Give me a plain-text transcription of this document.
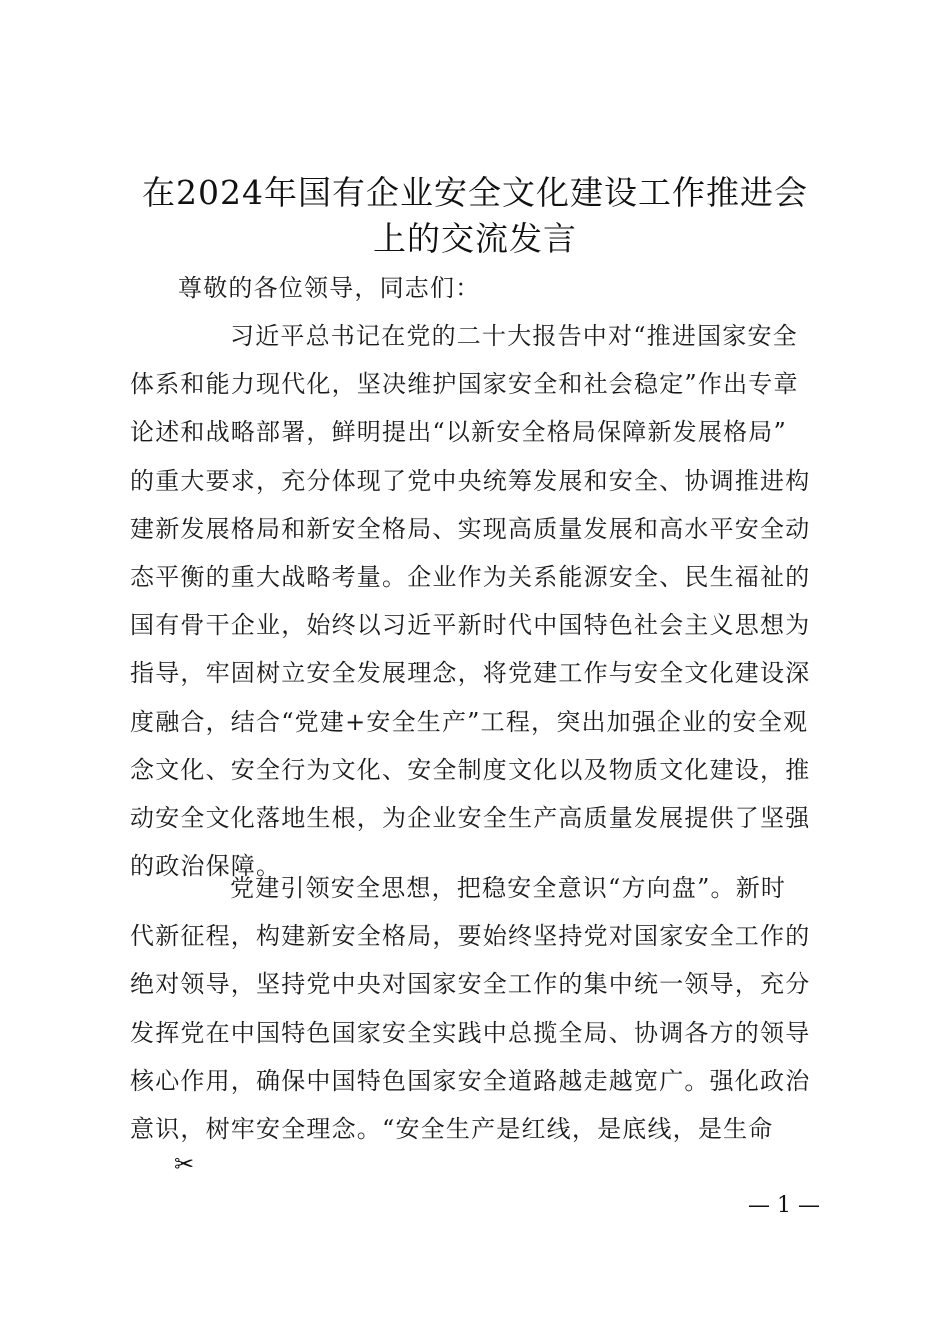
在2024年国有企业安全文化建设工作推进会
上的交流发言

尊敬的各位领导，同志们：

习近平总书记在党的二十大报告中对“推进国家安全
体系和能力现代化，坚决维护国家安全和社会稳定”作出专章
论述和战略部署，鲜明提出“以新安全格局保障新发展格局”
的重大要求，充分体现了党中央统筹发展和安全、协调推进构
建新发展格局和新安全格局、实现高质量发展和高水平安全动
态平衡的重大战略考量。企业作为关系能源安全、民生福祉的
国有骨干企业，始终以习近平新时代中国特色社会主义思想为
指导，牢固树立安全发展理念，将党建工作与安全文化建设深
度融合，结合“党建+安全生产”工程，突出加强企业的安全观
念文化、安全行为文化、安全制度文化以及物质文化建设，推
动安全文化落地生根，为企业安全生产高质量发展提供了坚强
的政治保障。
党建引领安全思想，把稳安全意识“方向盘”。新时
代新征程，构建新安全格局，要始终坚持党对国家安全工作的
绝对领导，坚持党中央对国家安全工作的集中统一领导，充分
发挥党在中国特色国家安全实践中总揽全局、协调各方的领导
核心作用，确保中国特色国家安全道路越走越宽广。强化政治
意识，树牢安全理念。“安全生产是红线，是底线，是生命
✂
— 1 —
